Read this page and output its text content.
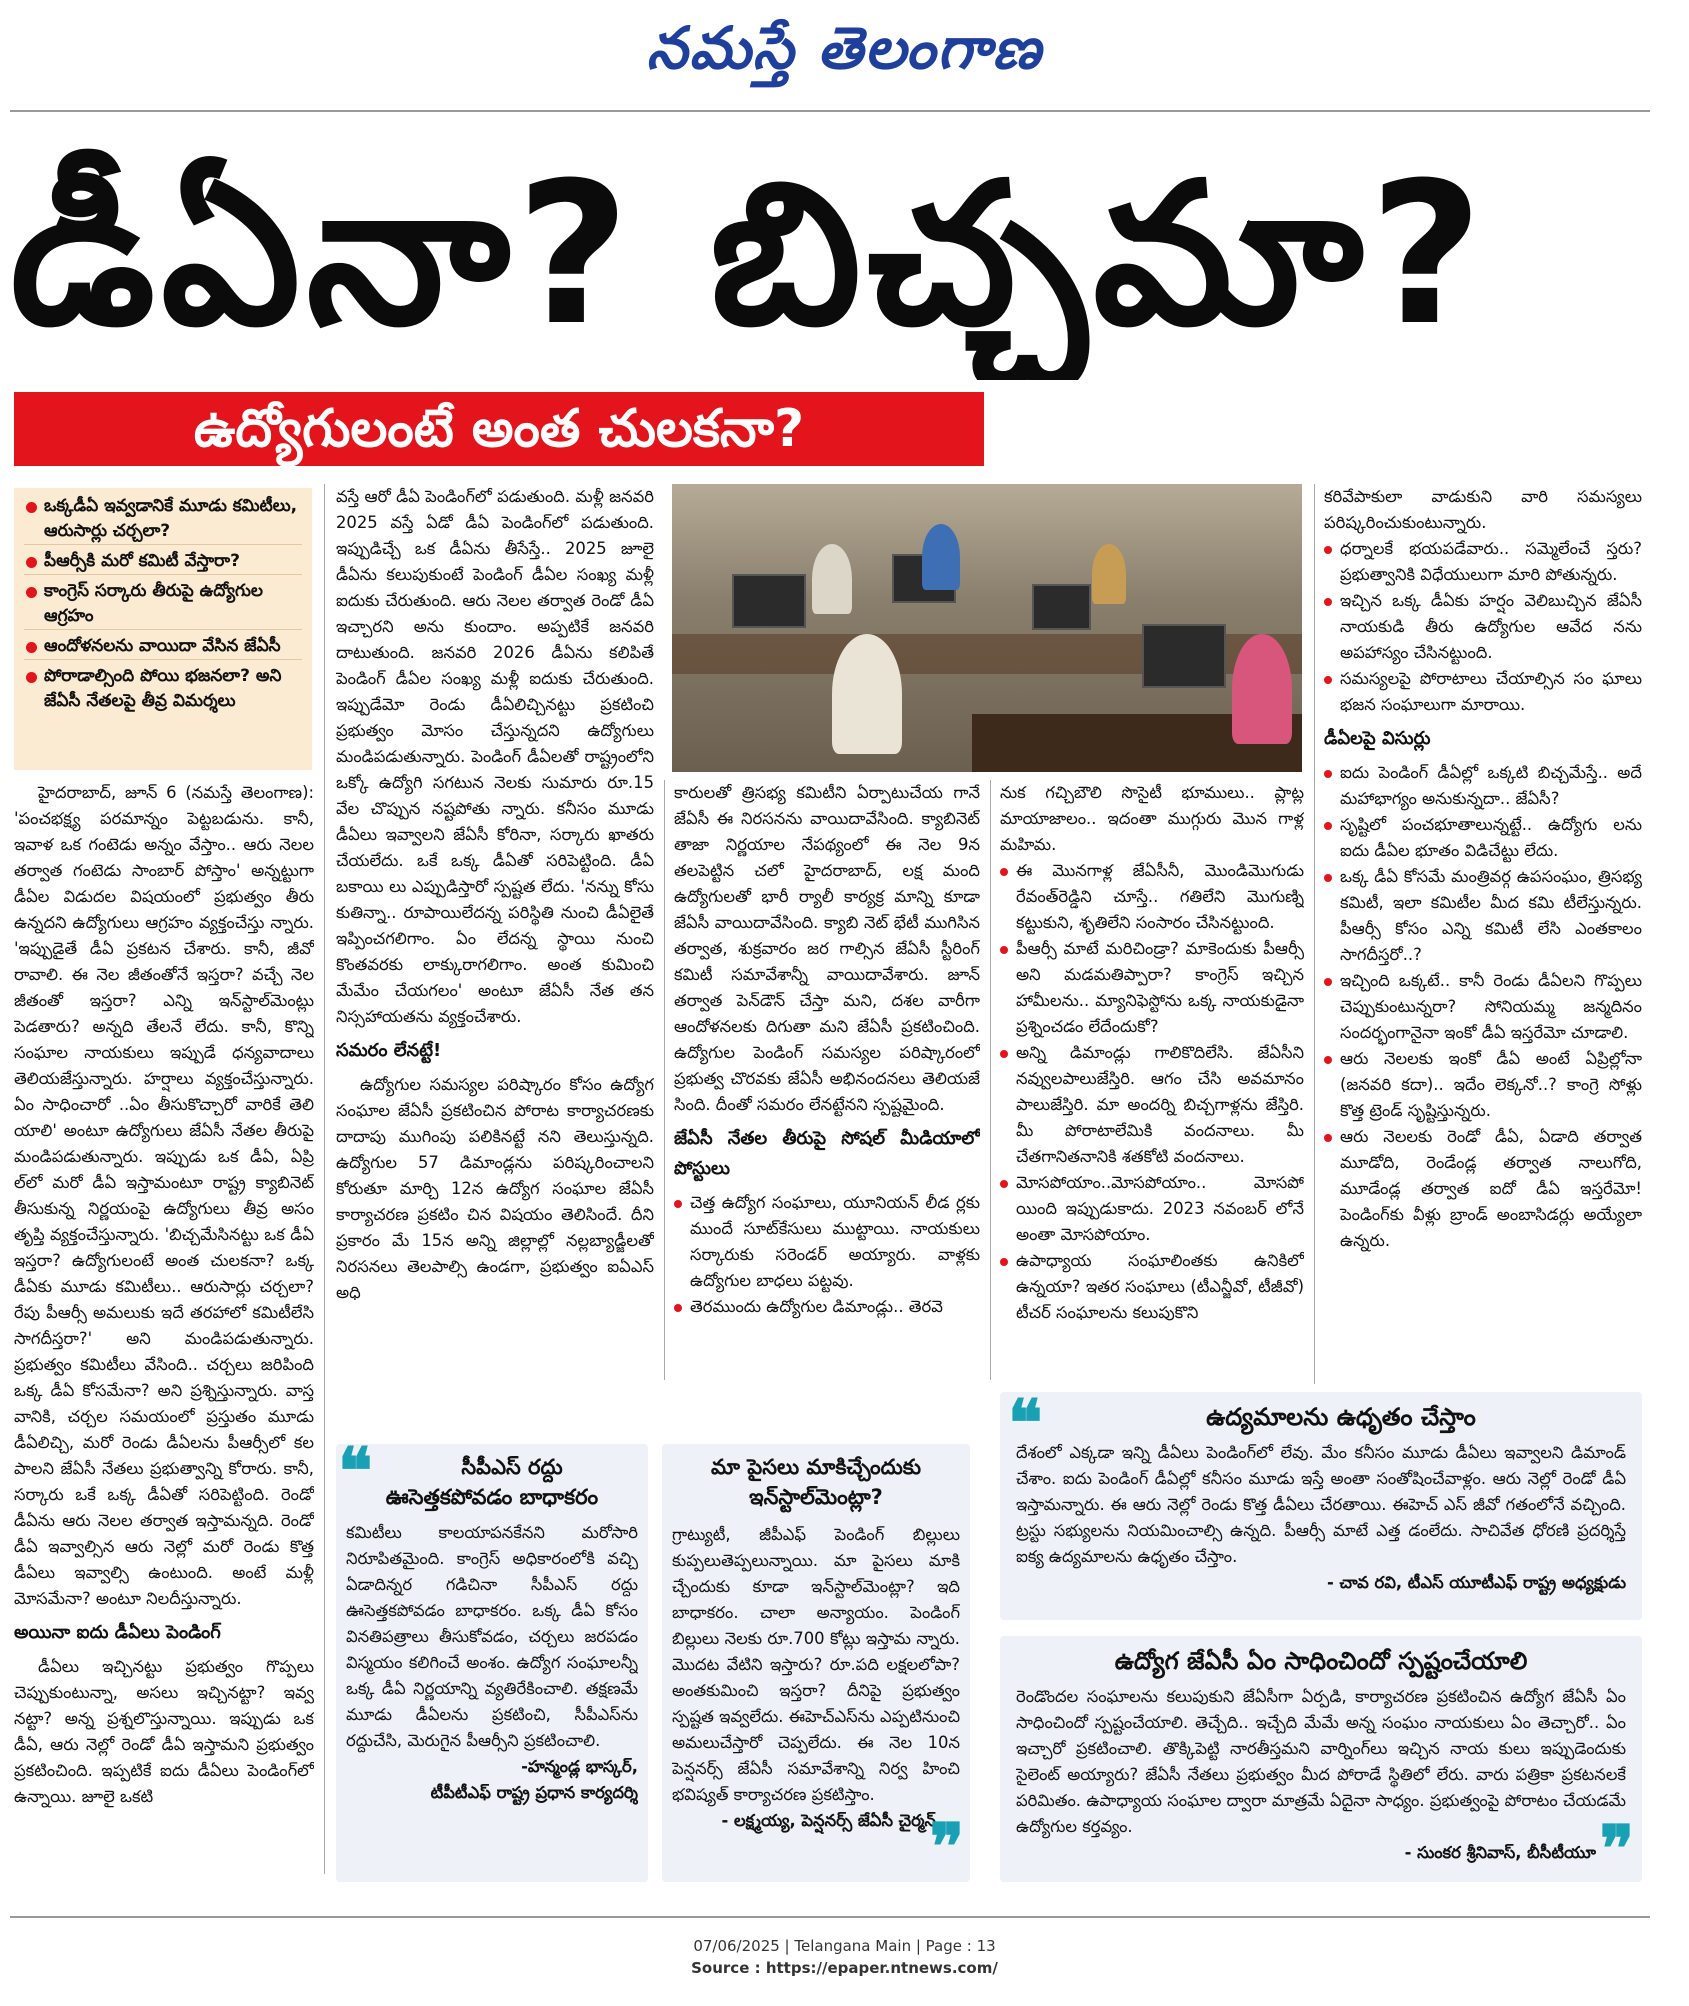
నమస్తే తెలంగాణ
డీఏనా? బిచ్చమా?
ఉద్యోగులంటే అంత చులకనా?
ఒక్కడీఏ ఇవ్వడానికే మూడు కమిటీలు, ఆరుసార్లు చర్చలా?
పీఆర్సీకి మరో కమిటీ వేస్తారా?
కాంగ్రెస్ సర్కారు తీరుపై ఉద్యోగుల ఆగ్రహం
ఆందోళనలను వాయిదా వేసిన జేఏసీ
పోరాడాల్సింది పోయి భజనలా? అని జేఏసీ నేతలపై తీవ్ర విమర్శలు

హైదరాబాద్, జూన్ 6 (నమస్తే తెలంగాణ): 'పంచభక్ష్య పరమాన్నం పెట్టబడును. కానీ, ఇవాళ ఒక గంటెడు అన్నం వేస్తాం.. ఆరు నెలల తర్వాత గంటెడు సాంబార్ పోస్తాం' అన్నట్టుగా డీఏల విడుదల విషయంలో ప్రభుత్వం తీరు ఉన్నదని ఉద్యోగులు ఆగ్రహం వ్యక్తంచేస్తు న్నారు. 'ఇప్పుడైతే డీఏ ప్రకటన చేశారు. కానీ, జీవో రావాలి. ఈ నెల జీతంతోనే ఇస్తరా? వచ్చే నెల జీతంతో ఇస్తరా? ఎన్ని ఇన్‌స్టాల్‌మెంట్లు పెడతారు? అన్నది తేలనే లేదు. కానీ, కొన్ని సంఘాల నాయకులు ఇప్పుడే ధన్యవాదాలు తెలియజేస్తున్నారు. హర్షాలు వ్యక్తంచేస్తున్నారు. ఏం సాధించారో ..ఏం తీసుకొచ్చారో వారికే తెలి యాలి' అంటూ ఉద్యోగులు జేఏసీ నేతల తీరుపై మండిపడుతున్నారు. ఇప్పుడు ఒక డీఏ, ఏప్రి ల్‌లో మరో డీఏ ఇస్తామంటూ రాష్ట్ర క్యాబినెట్ తీసుకున్న నిర్ణయంపై ఉద్యోగులు తీవ్ర అసం తృప్తి వ్యక్తంచేస్తున్నారు. 'బిచ్చమేసినట్టు ఒక డీఏ ఇస్తరా? ఉద్యోగులంటే అంత చులకనా? ఒక్క డీఏకు మూడు కమిటీలు.. ఆరుసార్లు చర్చలా? రేపు పీఆర్సీ అమలుకు ఇదే తరహాలో కమిటీలేసి సాగదీస్తరా?' అని మండిపడుతున్నారు. ప్రభుత్వం కమిటీలు వేసింది.. చర్చలు జరిపింది ఒక్క డీఏ కోసమేనా? అని ప్రశ్నిస్తున్నారు. వాస్త వానికి, చర్చల సమయంలో ప్రస్తుతం మూడు డీఏలిచ్చి, మరో రెండు డీఏలను పీఆర్సీలో కల పాలని జేఏసీ నేతలు ప్రభుత్వాన్ని కోరారు. కానీ, సర్కారు ఒకే ఒక్క డీఏతో సరిపెట్టింది. రెండో డీఏను ఆరు నెలల తర్వాత ఇస్తామన్నది. రెండో డీఏ ఇవ్వాల్సిన ఆరు నెల్లో మరో రెండు కొత్త డీఏలు ఇవ్వాల్సి ఉంటుంది. అంటే మళ్లీ మోసమేనా? అంటూ నిలదీస్తున్నారు.

అయినా ఐదు డీఏలు పెండింగ్

డీఏలు ఇచ్చినట్టు ప్రభుత్వం గొప్పలు చెప్పుకుంటున్నా, అసలు ఇచ్చినట్టా? ఇవ్వ నట్టా? అన్న ప్రశ్నలొస్తున్నాయి. ఇప్పుడు ఒక డీఏ, ఆరు నెల్లో రెండో డీఏ ఇస్తామని ప్రభుత్వం ప్రకటించింది. ఇప్పటికే ఐదు డీఏలు పెండింగ్‌లో ఉన్నాయి. జూలై ఒకటి

వస్తే ఆరో డీఏ పెండింగ్‌లో పడుతుంది. మళ్లీ జనవరి 2025 వస్తే ఏడో డీఏ పెండింగ్‌లో పడుతుంది. ఇప్పుడిచ్చే ఒక డీఏను తీసేస్తే.. 2025 జూలై డీఏను కలుపుకుంటే పెండింగ్ డీఏల సంఖ్య మళ్లీ ఐదుకు చేరుతుంది. ఆరు నెలల తర్వాత రెండో డీఏ ఇచ్చారని అను కుందాం. అప్పటికే జనవరి దాటుతుంది. జనవరి 2026 డీఏను కలిపితే పెండింగ్ డీఏల సంఖ్య మళ్లీ ఐదుకు చేరుతుంది. ఇప్పుడేమో రెండు డీఏలిచ్చినట్టు ప్రకటించి ప్రభుత్వం మోసం చేస్తున్నదని ఉద్యోగులు మండిపడుతున్నారు. పెండింగ్ డీఏలతో రాష్ట్రంలోని ఒక్కో ఉద్యోగి సగటున నెలకు సుమారు రూ.15 వేల చొప్పున నష్టపోతు న్నారు. కనీసం మూడు డీఏలు ఇవ్వాలని జేఏసీ కోరినా, సర్కారు ఖాతరు చేయలేదు. ఒకే ఒక్క డీఏతో సరిపెట్టింది. డీఏ బకాయి లు ఎప్పుడిస్తారో స్పష్టత లేదు. 'నన్ను కోసు కుతిన్నా.. రూపాయిలేదన్న పరిస్థితి నుంచి డీఏలైతే ఇప్పించగలిగాం. ఏం లేదన్న స్థాయి నుంచి కొంతవరకు లాక్కురాగలిగాం. అంత కుమించి మేమేం చేయగలం' అంటూ జేఏసీ నేత తన నిస్సహాయతను వ్యక్తంచేశారు.

సమరం లేనట్టే!

ఉద్యోగుల సమస్యల పరిష్కారం కోసం ఉద్యోగ సంఘాల జేఏసీ ప్రకటించిన పోరాట కార్యాచరణకు దాదాపు ముగింపు పలికినట్టే నని తెలుస్తున్నది. ఉద్యోగుల 57 డిమాండ్లను పరిష్కరించాలని కోరుతూ మార్చి 12న ఉద్యోగ సంఘాల జేఏసీ కార్యాచరణ ప్రకటిం చిన విషయం తెలిసిందే. దీని ప్రకారం మే 15న అన్ని జిల్లాల్లో నల్లబ్యాడ్జీలతో నిరసనలు తెలపాల్సి ఉండగా, ప్రభుత్వం ఐఏఎస్ అధి

కారులతో త్రిసభ్య కమిటీని ఏర్పాటుచేయ గానే జేఏసీ ఈ నిరసనను వాయిదావేసింది. క్యాబినెట్ తాజా నిర్ణయాల నేపథ్యంలో ఈ నెల 9న తలపెట్టిన చలో హైదరాబాద్, లక్ష మంది ఉద్యోగులతో భారీ ర్యాలీ కార్యక్ర మాన్ని కూడా జేఏసీ వాయిదావేసింది. క్యాబి నెట్ భేటీ ముగిసిన తర్వాత, శుక్రవారం జర గాల్సిన జేఏసీ స్టీరింగ్ కమిటీ సమావేశాన్నీ వాయిదావేశారు. జూన్ తర్వాత పెన్‌డౌన్ చేస్తా మని, దశల వారీగా ఆందోళనలకు దిగుతా మని జేఏసీ ప్రకటించింది. ఉద్యోగుల పెండింగ్ సమస్యల పరిష్కారంలో ప్రభుత్వ చొరవకు జేఏసీ అభినందనలు తెలియజే సింది. దీంతో సమరం లేనట్టేనని స్పష్టమైంది.

జేఏసీ నేతల తీరుపై సోషల్ మీడియాలో పోస్టులు
చెత్త ఉద్యోగ సంఘాలు, యూనియన్ లీడ ర్లకు ముందే సూట్‌కేసులు ముట్టాయి. నాయకులు సర్కారుకు సరెండర్ అయ్యారు. వాళ్లకు ఉద్యోగుల బాధలు పట్టవు.
తెరముందు ఉద్యోగుల డిమాండ్లు.. తెరవె

నుక గచ్చిబౌలి సొసైటీ భూములు.. ప్లాట్ల మాయాజాలం.. ఇదంతా ముగ్గురు మొన గాళ్ల మహిమ.

ఈ మొనగాళ్ల జేఏసీనీ, మొండిమొగుడు రేవంత్‌రెడ్డిని చూస్తే.. గతిలేని మొగుణ్ని కట్టుకుని, శృతిలేని సంసారం చేసినట్టుంది.
పీఆర్సీ మాటే మరిచిండ్రా? మాకెందుకు పీఆర్సీ అని మడమతిప్పారా? కాంగ్రెస్ ఇచ్చిన హామీలను.. మ్యానిఫెస్టోను ఒక్క నాయకుడైనా ప్రశ్నించడం లేదేందుకో?
అన్ని డిమాండ్లు గాలికొదిలేసి. జేఏసీని నవ్వులపాలుజేస్తిరి. ఆగం చేసి అవమానం పాలుజేస్తిరి. మా అందర్ని బిచ్చగాళ్లను జేస్తిరి. మీ పోరాటాలేమికి వందనాలు. మీ చేతగానితనానికి శతకోటి వందనాలు.
మోసపోయాం..మోసపోయాం.. మోసపో యింది ఇప్పుడుకాదు. 2023 నవంబర్ లోనే అంతా మోసపోయాం.
ఉపాధ్యాయ సంఘాలింతకు ఉనికిలో ఉన్నయా? ఇతర సంఘాలు (టీఎన్జీవో, టీజీవో) టీచర్ సంఘాలను కలుపుకొని

కరివేపాకులా వాడుకుని వారి సమస్యలు పరిష్కరించుకుంటున్నారు.

ధర్నాలకే భయపడేవారు.. సమ్మెలేంచే స్తరు? ప్రభుత్వానికి విధేయులుగా మారి పోతున్నరు.
ఇచ్చిన ఒక్క డీఏకు హర్షం వెలిబుచ్చిన జేఏసీ నాయకుడి తీరు ఉద్యోగుల ఆవేద నను అపహాస్యం చేసినట్టుంది.
సమస్యలపై పోరాటాలు చేయాల్సిన సం ఘాలు భజన సంఘాలుగా మారాయి.
డీఏలపై విసుర్లు
ఐదు పెండింగ్ డీఏల్లో ఒక్కటి బిచ్చమేస్తే.. అదే మహాభాగ్యం అనుకున్నదా.. జేఏసీ?
సృష్టిలో పంచభూతాలున్నట్టే.. ఉద్యోగు లను ఐదు డీఏల భూతం విడిచేట్టు లేదు.
ఒక్క డీఏ కోసమే మంత్రివర్గ ఉపసంఘం, త్రిసభ్య కమిటీ, ఇలా కమిటీల మీద కమి టీలేస్తున్నరు. పీఆర్సీ కోసం ఎన్ని కమిటీ లేసి ఎంతకాలం సాగదీస్తరో..?
ఇచ్చింది ఒక్కటే.. కానీ రెండు డీఏలని గొప్పలు చెప్పుకుంటున్నరా? సోనియమ్మ జన్మదినం సందర్భంగానైనా ఇంకో డీఏ ఇస్తరేమో చూడాలి.
ఆరు నెలలకు ఇంకో డీఏ అంటే ఏప్రిల్లోనా (జనవరి కదా).. ఇదేం లెక్కనో..? కాంగ్రె సోళ్లు కొత్త ట్రెండ్ సృష్టిస్తున్నరు.
ఆరు నెలలకు రెండో డీఏ, ఏడాది తర్వాత మూడోది, రెండేండ్ల తర్వాత నాలుగోది, మూడేండ్ల తర్వాత ఐదో డీఏ ఇస్తరేమో! పెండింగ్‌కు వీళ్లు బ్రాండ్ అంబాసిడర్లు అయ్యేలా ఉన్నరు.
❝	సీపీఎస్ రద్దు
ఊసెత్తకపోవడం బాధాకరం
కమిటీలు కాలయాపనకేనని మరోసారి నిరూపితమైంది. కాంగ్రెస్ అధికారంలోకి వచ్చి ఏడాదిన్నర గడిచినా సీపీఎస్ రద్దు ఊసెత్తకపోవడం బాధాకరం. ఒక్క డీఏ కోసం వినతిపత్రాలు తీసుకోవడం, చర్చలు జరపడం విస్మయం కలిగించే అంశం. ఉద్యోగ సంఘాలన్నీ ఒక్క డీఏ నిర్ణయాన్ని వ్యతిరేకించాలి. తక్షణమే మూడు డీఏలను ప్రకటించి, సీపీఎస్‌ను రద్దుచేసి, మెరుగైన పీఆర్సీని ప్రకటించాలి.
-హన్మండ్ల భాస్కర్,
టీపీటీఎఫ్ రాష్ట్ర ప్రధాన కార్యదర్శి
మా పైసలు మాకిచ్చేందుకు
ఇన్‌స్టాల్‌మెంట్లా?
గ్రాట్యుటీ, జీపీఎఫ్ పెండింగ్ బిల్లులు కుప్పలుతెప్పలున్నాయి. మా పైసలు మాకి చ్చేందుకు కూడా ఇన్‌స్టాల్‌మెంట్లా? ఇది బాధాకరం. చాలా అన్యాయం. పెండింగ్ బిల్లులు నెలకు రూ.700 కోట్లు ఇస్తామ న్నారు. మొదట వేటిని ఇస్తారు? రూ.పది లక్షలలోపా? అంతకుమించి ఇస్తరా? దీనిపై ప్రభుత్వం స్పష్టత ఇవ్వలేదు. ఈహెచ్‌ఎస్‌ను ఎప్పటినుంచి అమలుచేస్తారో చెప్పలేదు. ఈ నెల 10న పెన్షనర్స్ జేఏసీ సమావేశాన్ని నిర్వ హించి భవిష్యత్ కార్యాచరణ ప్రకటిస్తాం.
- లక్ష్మయ్య, పెన్షనర్స్ జేఏసీ చైర్మన్
❞
❝	ఉద్యమాలను ఉధృతం చేస్తాం
దేశంలో ఎక్కడా ఇన్ని డీఏలు పెండింగ్‌లో లేవు. మేం కనీసం మూడు డీఏలు ఇవ్వాలని డిమాండ్ చేశాం. ఐదు పెండింగ్ డీఏల్లో కనీసం మూడు ఇస్తే అంతా సంతోషించేవాళ్లం. ఆరు నెల్లో రెండో డీఏ ఇస్తామన్నారు. ఈ ఆరు నెల్లో రెండు కొత్త డీఏలు చేరతాయి. ఈహెచ్ ఎస్ జీవో గతంలోనే వచ్చింది. ట్రస్టు సభ్యులను నియమించాల్సి ఉన్నది. పీఆర్సీ మాటే ఎత్త డంలేదు. సాచివేత ధోరణి ప్రదర్శిస్తే ఐక్య ఉద్యమాలను ఉధృతం చేస్తాం.
- చావ రవి, టీఎస్ యూటీఎఫ్ రాష్ట్ర అధ్యక్షుడు
ఉద్యోగ జేఏసీ ఏం సాధించిందో స్పష్టంచేయాలి
రెండొందల సంఘాలను కలుపుకుని జేఏసీగా ఏర్పడి, కార్యాచరణ ప్రకటించిన ఉద్యోగ జేఏసీ ఏం సాధించిందో స్పష్టంచేయాలి. తెచ్చేది.. ఇచ్చేది మేమే అన్న సంఘం నాయకులు ఏం తెచ్చారో.. ఏం ఇచ్చారో ప్రకటించాలి. తొక్కిపెట్టి నారతీస్తమని వార్నింగ్‌లు ఇచ్చిన నాయ కులు ఇప్పుడెందుకు సైలెంట్ అయ్యారు? జేఏసీ నేతలు ప్రభుత్వం మీద పోరాడే స్థితిలో లేరు. వారు పత్రికా ప్రకటనలకే పరిమితం. ఉపాధ్యాయ సంఘాల ద్వారా మాత్రమే ఏదైనా సాధ్యం. ప్రభుత్వంపై పోరాటం చేయడమే ఉద్యోగుల కర్తవ్యం.
- సుంకర శ్రీనివాస్, బీసీటీయూ ❞
07/06/2025 | Telangana Main | Page : 13
Source : https://epaper.ntnews.com/
